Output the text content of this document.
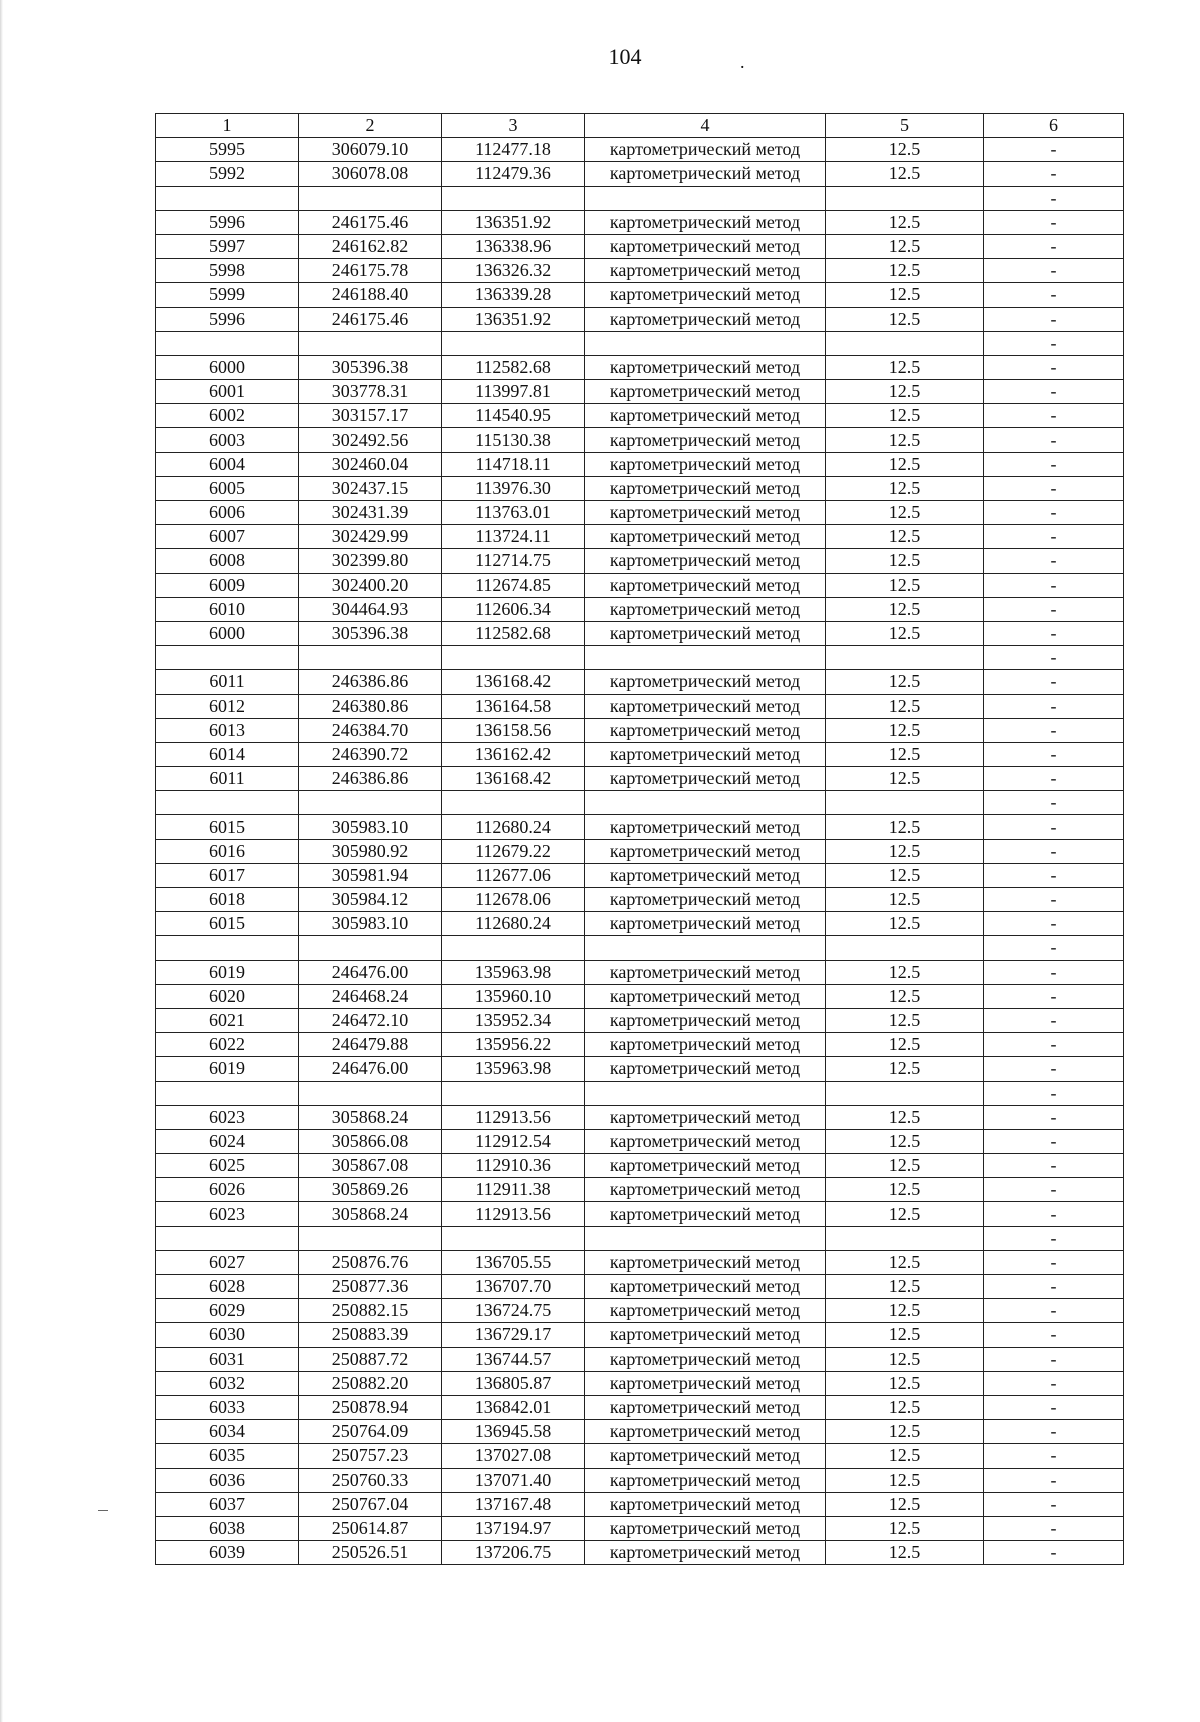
104	.
1	2	3	4	5	6
5995	306079.10	112477.18	картометрический метод	12.5	-
5992	306078.08	112479.36	картометрический метод	12.5	-
					-
5996	246175.46	136351.92	картометрический метод	12.5	-
5997	246162.82	136338.96	картометрический метод	12.5	-
5998	246175.78	136326.32	картометрический метод	12.5	-
5999	246188.40	136339.28	картометрический метод	12.5	-
5996	246175.46	136351.92	картометрический метод	12.5	-
					-
6000	305396.38	112582.68	картометрический метод	12.5	-
6001	303778.31	113997.81	картометрический метод	12.5	-
6002	303157.17	114540.95	картометрический метод	12.5	-
6003	302492.56	115130.38	картометрический метод	12.5	-
6004	302460.04	114718.11	картометрический метод	12.5	-
6005	302437.15	113976.30	картометрический метод	12.5	-
6006	302431.39	113763.01	картометрический метод	12.5	-
6007	302429.99	113724.11	картометрический метод	12.5	-
6008	302399.80	112714.75	картометрический метод	12.5	-
6009	302400.20	112674.85	картометрический метод	12.5	-
6010	304464.93	112606.34	картометрический метод	12.5	-
6000	305396.38	112582.68	картометрический метод	12.5	-
					-
6011	246386.86	136168.42	картометрический метод	12.5	-
6012	246380.86	136164.58	картометрический метод	12.5	-
6013	246384.70	136158.56	картометрический метод	12.5	-
6014	246390.72	136162.42	картометрический метод	12.5	-
6011	246386.86	136168.42	картометрический метод	12.5	-
					-
6015	305983.10	112680.24	картометрический метод	12.5	-
6016	305980.92	112679.22	картометрический метод	12.5	-
6017	305981.94	112677.06	картометрический метод	12.5	-
6018	305984.12	112678.06	картометрический метод	12.5	-
6015	305983.10	112680.24	картометрический метод	12.5	-
					-
6019	246476.00	135963.98	картометрический метод	12.5	-
6020	246468.24	135960.10	картометрический метод	12.5	-
6021	246472.10	135952.34	картометрический метод	12.5	-
6022	246479.88	135956.22	картометрический метод	12.5	-
6019	246476.00	135963.98	картометрический метод	12.5	-
					-
6023	305868.24	112913.56	картометрический метод	12.5	-
6024	305866.08	112912.54	картометрический метод	12.5	-
6025	305867.08	112910.36	картометрический метод	12.5	-
6026	305869.26	112911.38	картометрический метод	12.5	-
6023	305868.24	112913.56	картометрический метод	12.5	-
					-
6027	250876.76	136705.55	картометрический метод	12.5	-
6028	250877.36	136707.70	картометрический метод	12.5	-
6029	250882.15	136724.75	картометрический метод	12.5	-
6030	250883.39	136729.17	картометрический метод	12.5	-
6031	250887.72	136744.57	картометрический метод	12.5	-
6032	250882.20	136805.87	картометрический метод	12.5	-
6033	250878.94	136842.01	картометрический метод	12.5	-
6034	250764.09	136945.58	картометрический метод	12.5	-
6035	250757.23	137027.08	картометрический метод	12.5	-
6036	250760.33	137071.40	картометрический метод	12.5	-
6037	250767.04	137167.48	картометрический метод	12.5	-
6038	250614.87	137194.97	картометрический метод	12.5	-
6039	250526.51	137206.75	картометрический метод	12.5	-
